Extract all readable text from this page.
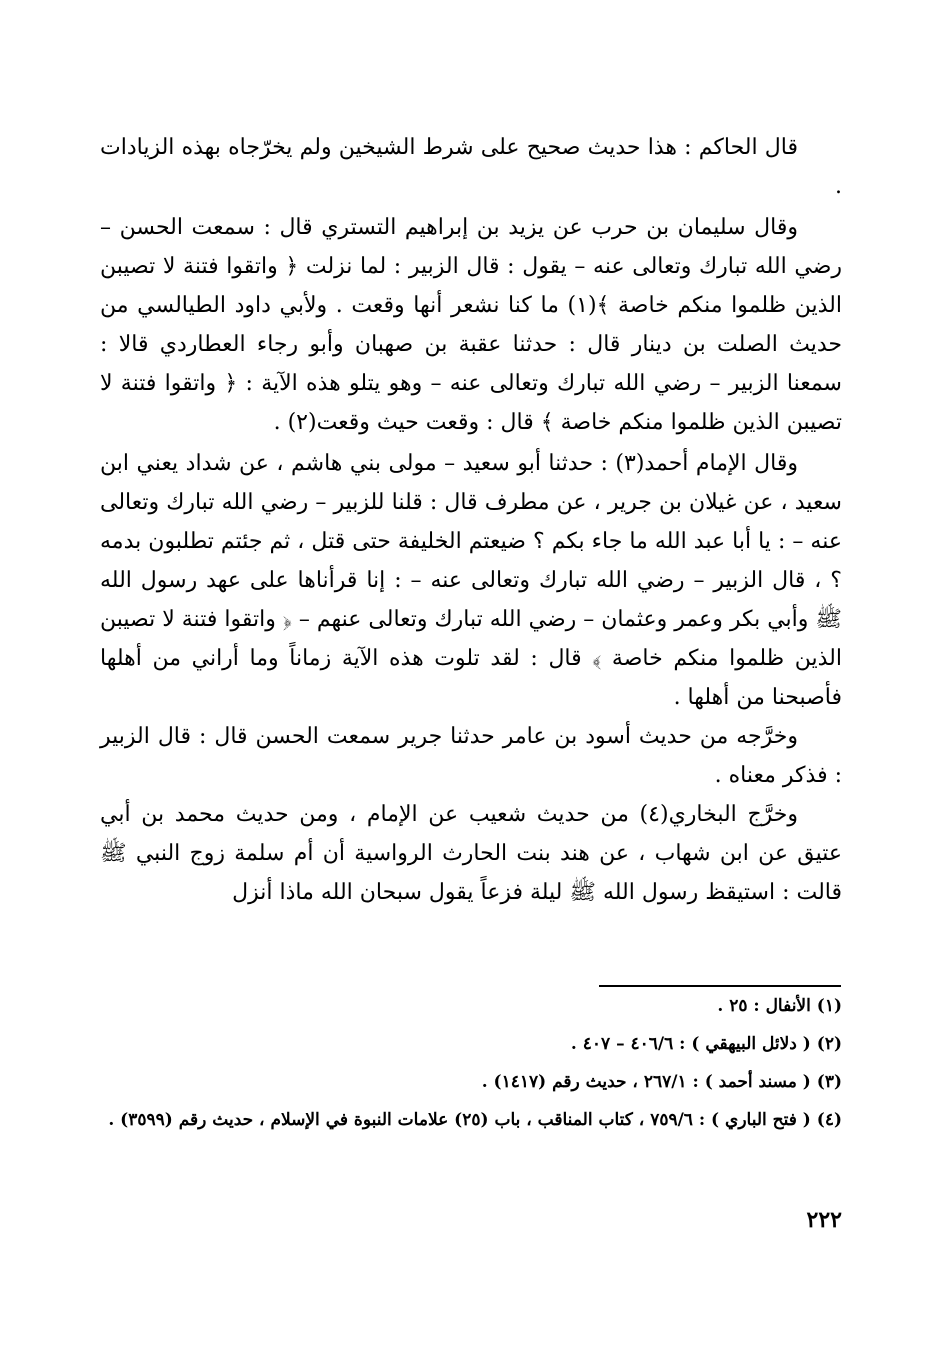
قال الحاكم : هذا حديث صحيح على شرط الشيخين ولم يخرّجاه بهذه الزيادات .

وقال سليمان بن حرب عن يزيد بن إبراهيم التستري قال : سمعت الحسن – رضي الله تبارك وتعالى عنه – يقول : قال الزبير : لما نزلت ﴿ واتقوا فتنة لا تصيبن الذين ظلموا منكم خاصة ﴾(١) ما كنا نشعر أنها وقعت . ولأبي داود الطيالسي من حديث الصلت بن دينار قال : حدثنا عقبة بن صهبان وأبو رجاء العطاردي قالا : سمعنا الزبير – رضي الله تبارك وتعالى عنه – وهو يتلو هذه الآية : ﴿ واتقوا فتنة لا تصيبن الذين ظلموا منكم خاصة ﴾ قال : وقعت حيث وقعت(٢) .

وقال الإمام أحمد(٣) : حدثنا أبو سعيد – مولى بني هاشم ، عن شداد يعني ابن سعيد ، عن غيلان بن جرير ، عن مطرف قال : قلنا للزبير – رضي الله تبارك وتعالى عنه – : يا أبا عبد الله ما جاء بكم ؟ ضيعتم الخليفة حتى قتل ، ثم جئتم تطلبون بدمه ؟ ، قال الزبير – رضي الله تبارك وتعالى عنه – : إنا قرأناها على عهد رسول الله ﷺ وأبي بكر وعمر وعثمان – رضي الله تبارك وتعالى عنهم – ﴿ واتقوا فتنة لا تصيبن الذين ظلموا منكم خاصة ﴾ قال : لقد تلوت هذه الآية زماناً وما أراني من أهلها فأصبحنا من أهلها .

وخرَّجه من حديث أسود بن عامر حدثنا جرير سمعت الحسن قال : قال الزبير : فذكر معناه .

وخرَّج البخاري(٤) من حديث شعيب عن الإمام ، ومن حديث محمد بن أبي عتيق عن ابن شهاب ، عن هند بنت الحارث الرواسية أن أم سلمة زوج النبي ﷺ قالت : استيقظ رسول الله ﷺ ليلة فزعاً يقول سبحان الله ماذا أنزل

(١) الأنفال : ٢٥ .

(٢) ( دلائل البيهقي ) : ٤٠٦/٦ – ٤٠٧ .

(٣) ( مسند أحمد ) : ٢٦٧/١ ، حديث رقم (١٤١٧) .

(٤) ( فتح الباري ) : ٧٥٩/٦ ، كتاب المناقب ، باب (٢٥) علامات النبوة في الإسلام ، حديث رقم (٣٥٩٩) .

٢٢٢
